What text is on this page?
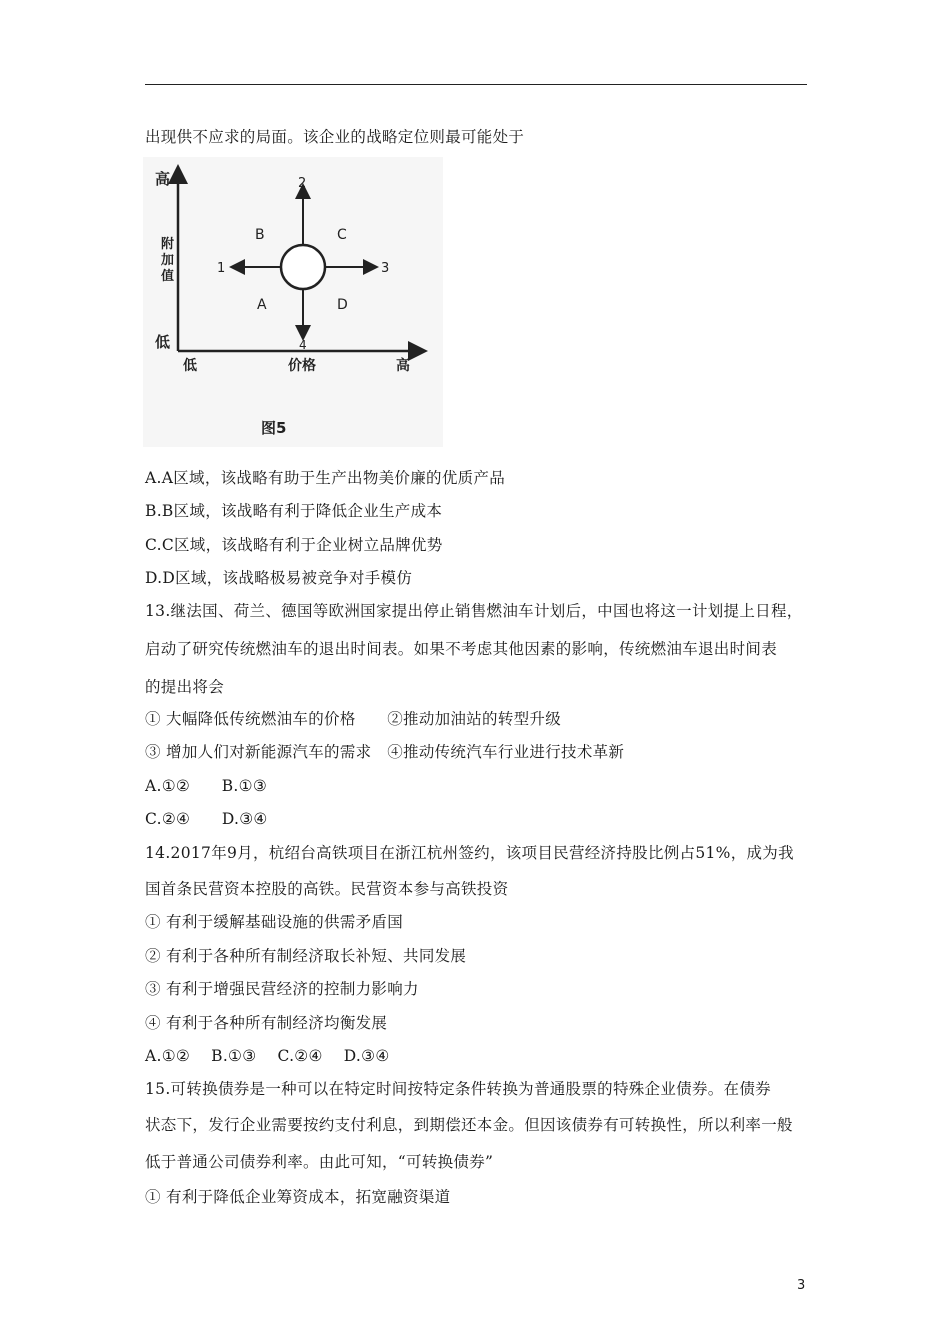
出现供不应求的局面。该企业的战略定位则最可能处于
高
附
加
值
低
低	价格	高
2
1	3
4
B	C
A	D
图5
A.A区域，该战略有助于生产出物美价廉的优质产品
B.B区域，该战略有利于降低企业生产成本
C.C区域，该战略有利于企业树立品牌优势
D.D区域，该战略极易被竞争对手模仿
13.继法国、荷兰、德国等欧洲国家提出停止销售燃油车计划后，中国也将这一计划提上日程，
启动了研究传统燃油车的退出时间表。如果不考虑其他因素的影响，传统燃油车退出时间表
的提出将会
① 大幅降低传统燃油车的价格　　②推动加油站的转型升级
③ 增加人们对新能源汽车的需求　④推动传统汽车行业进行技术革新
A.①②　　B.①③
C.②④　　D.③④
14.2017年9月，杭绍台高铁项目在浙江杭州签约，该项目民营经济持股比例占51%，成为我
国首条民营资本控股的高铁。民营资本参与高铁投资
① 有利于缓解基础设施的供需矛盾国
② 有利于各种所有制经济取长补短、共同发展
③ 有利于增强民营经济的控制力影响力
④ 有利于各种所有制经济均衡发展
A.①②　 B.①③　 C.②④　 D.③④
15.可转换债券是一种可以在特定时间按特定条件转换为普通股票的特殊企业债券。在债券
状态下，发行企业需要按约支付利息，到期偿还本金。但因该债券有可转换性，所以利率一般
低于普通公司债券利率。由此可知，“可转换债券”
① 有利于降低企业筹资成本，拓宽融资渠道
3
